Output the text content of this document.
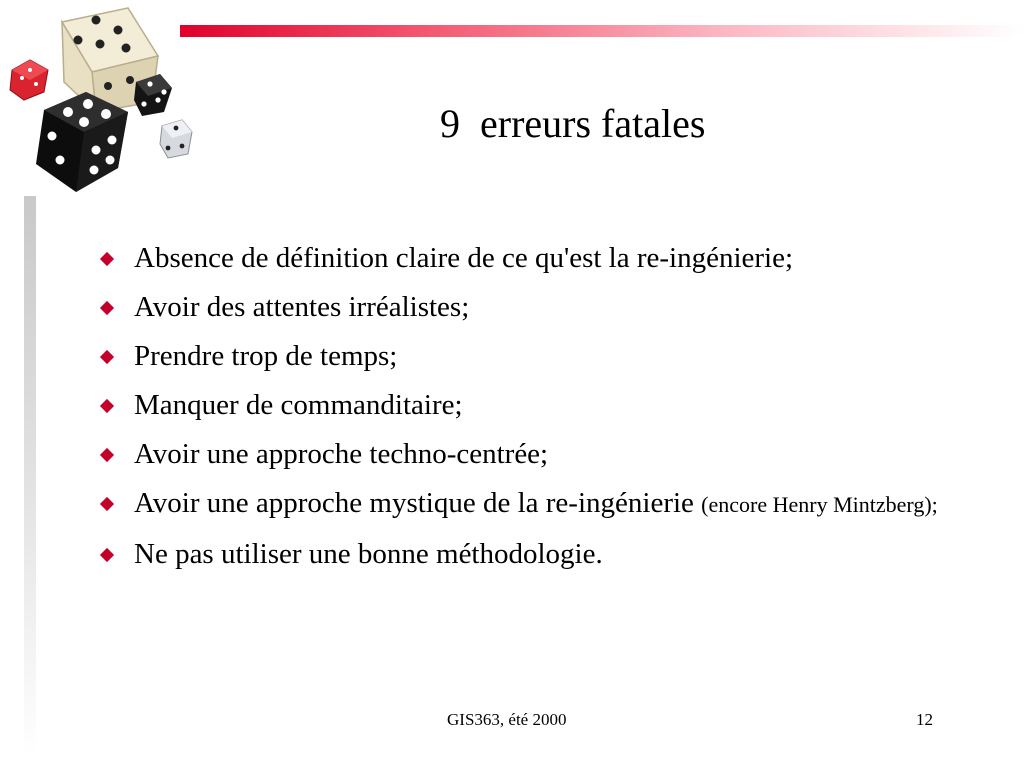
9  erreurs fatales
Absence de définition claire de ce qu'est la re-ingénierie;
Avoir des attentes irréalistes;
Prendre trop de temps;
Manquer de commanditaire;
Avoir une approche techno-centrée;
Avoir une approche mystique de la re-ingénierie (encore Henry Mintzberg);
Ne pas utiliser une bonne méthodologie.
GIS363, été 2000	12
